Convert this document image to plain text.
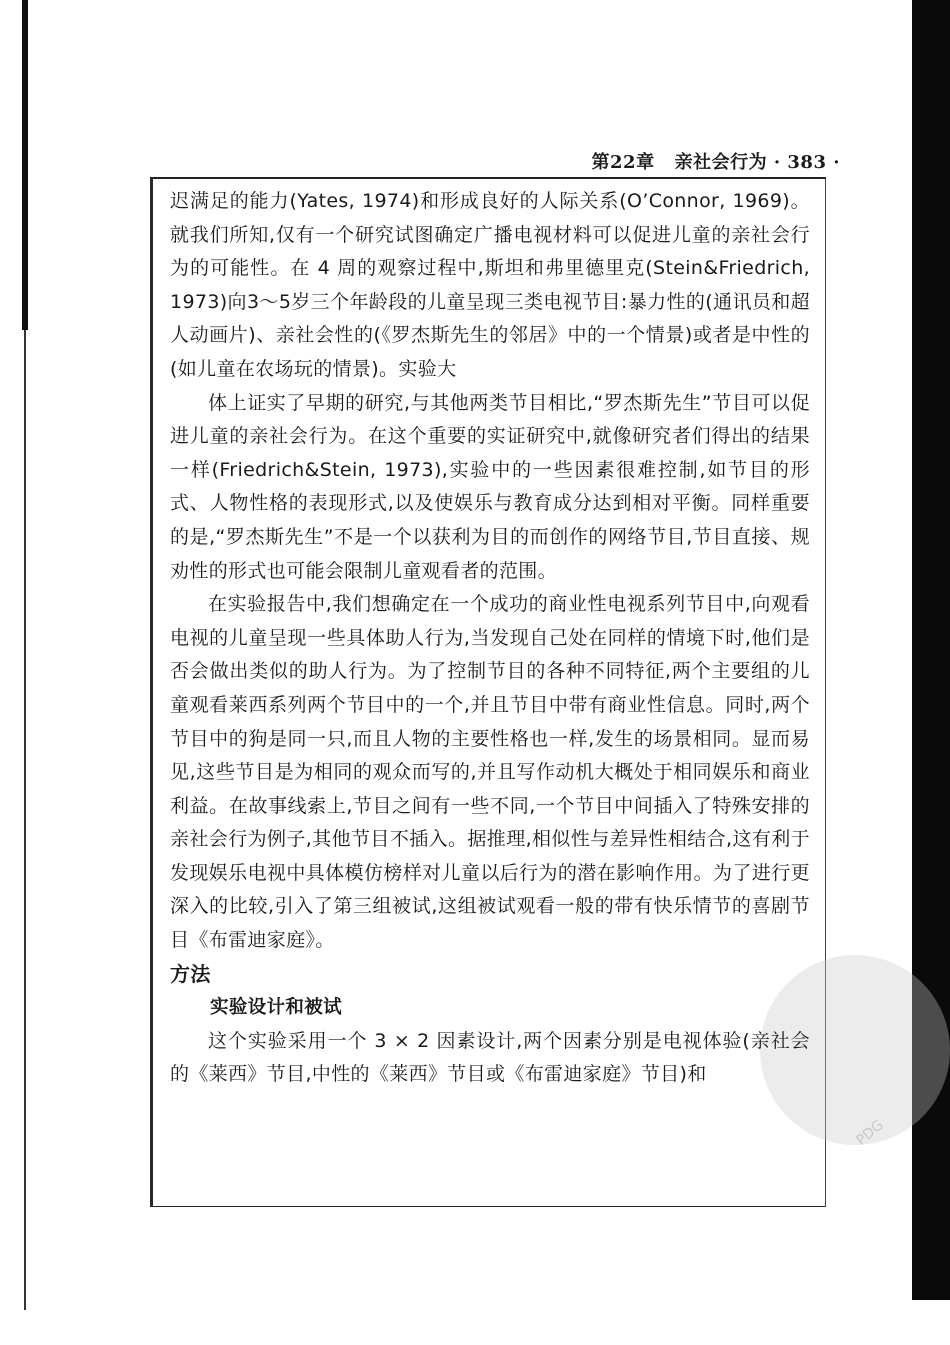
第22章 亲社会行为 · 383 ·
PDG

迟满足的能力(Yates, 1974)和形成良好的人际关系(O’Connor, 1969)。就我们所知,仅有一个研究试图确定广播电视材料可以促进儿童的亲社会行为的可能性。在 4 周的观察过程中,斯坦和弗里德里克(Stein&Friedrich, 1973)向3～5岁三个年龄段的儿童呈现三类电视节目:暴力性的(通讯员和超人动画片)、亲社会性的(《罗杰斯先生的邻居》中的一个情景)或者是中性的(如儿童在农场玩的情景)。实验大

体上证实了早期的研究,与其他两类节目相比,“罗杰斯先生”节目可以促进儿童的亲社会行为。在这个重要的实证研究中,就像研究者们得出的结果一样(Friedrich&Stein, 1973),实验中的一些因素很难控制,如节目的形式、人物性格的表现形式,以及使娱乐与教育成分达到相对平衡。同样重要的是,“罗杰斯先生”不是一个以获利为目的而创作的网络节目,节目直接、规劝性的形式也可能会限制儿童观看者的范围。

在实验报告中,我们想确定在一个成功的商业性电视系列节目中,向观看电视的儿童呈现一些具体助人行为,当发现自己处在同样的情境下时,他们是否会做出类似的助人行为。为了控制节目的各种不同特征,两个主要组的儿童观看莱西系列两个节目中的一个,并且节目中带有商业性信息。同时,两个节目中的狗是同一只,而且人物的主要性格也一样,发生的场景相同。显而易见,这些节目是为相同的观众而写的,并且写作动机大概处于相同娱乐和商业利益。在故事线索上,节目之间有一些不同,一个节目中间插入了特殊安排的亲社会行为例子,其他节目不插入。据推理,相似性与差异性相结合,这有利于发现娱乐电视中具体模仿榜样对儿童以后行为的潜在影响作用。为了进行更深入的比较,引入了第三组被试,这组被试观看一般的带有快乐情节的喜剧节目《布雷迪家庭》。

方法
实验设计和被试

这个实验采用一个 3 × 2 因素设计,两个因素分别是电视体验(亲社会的《莱西》节目,中性的《莱西》节目或《布雷迪家庭》节目)和
